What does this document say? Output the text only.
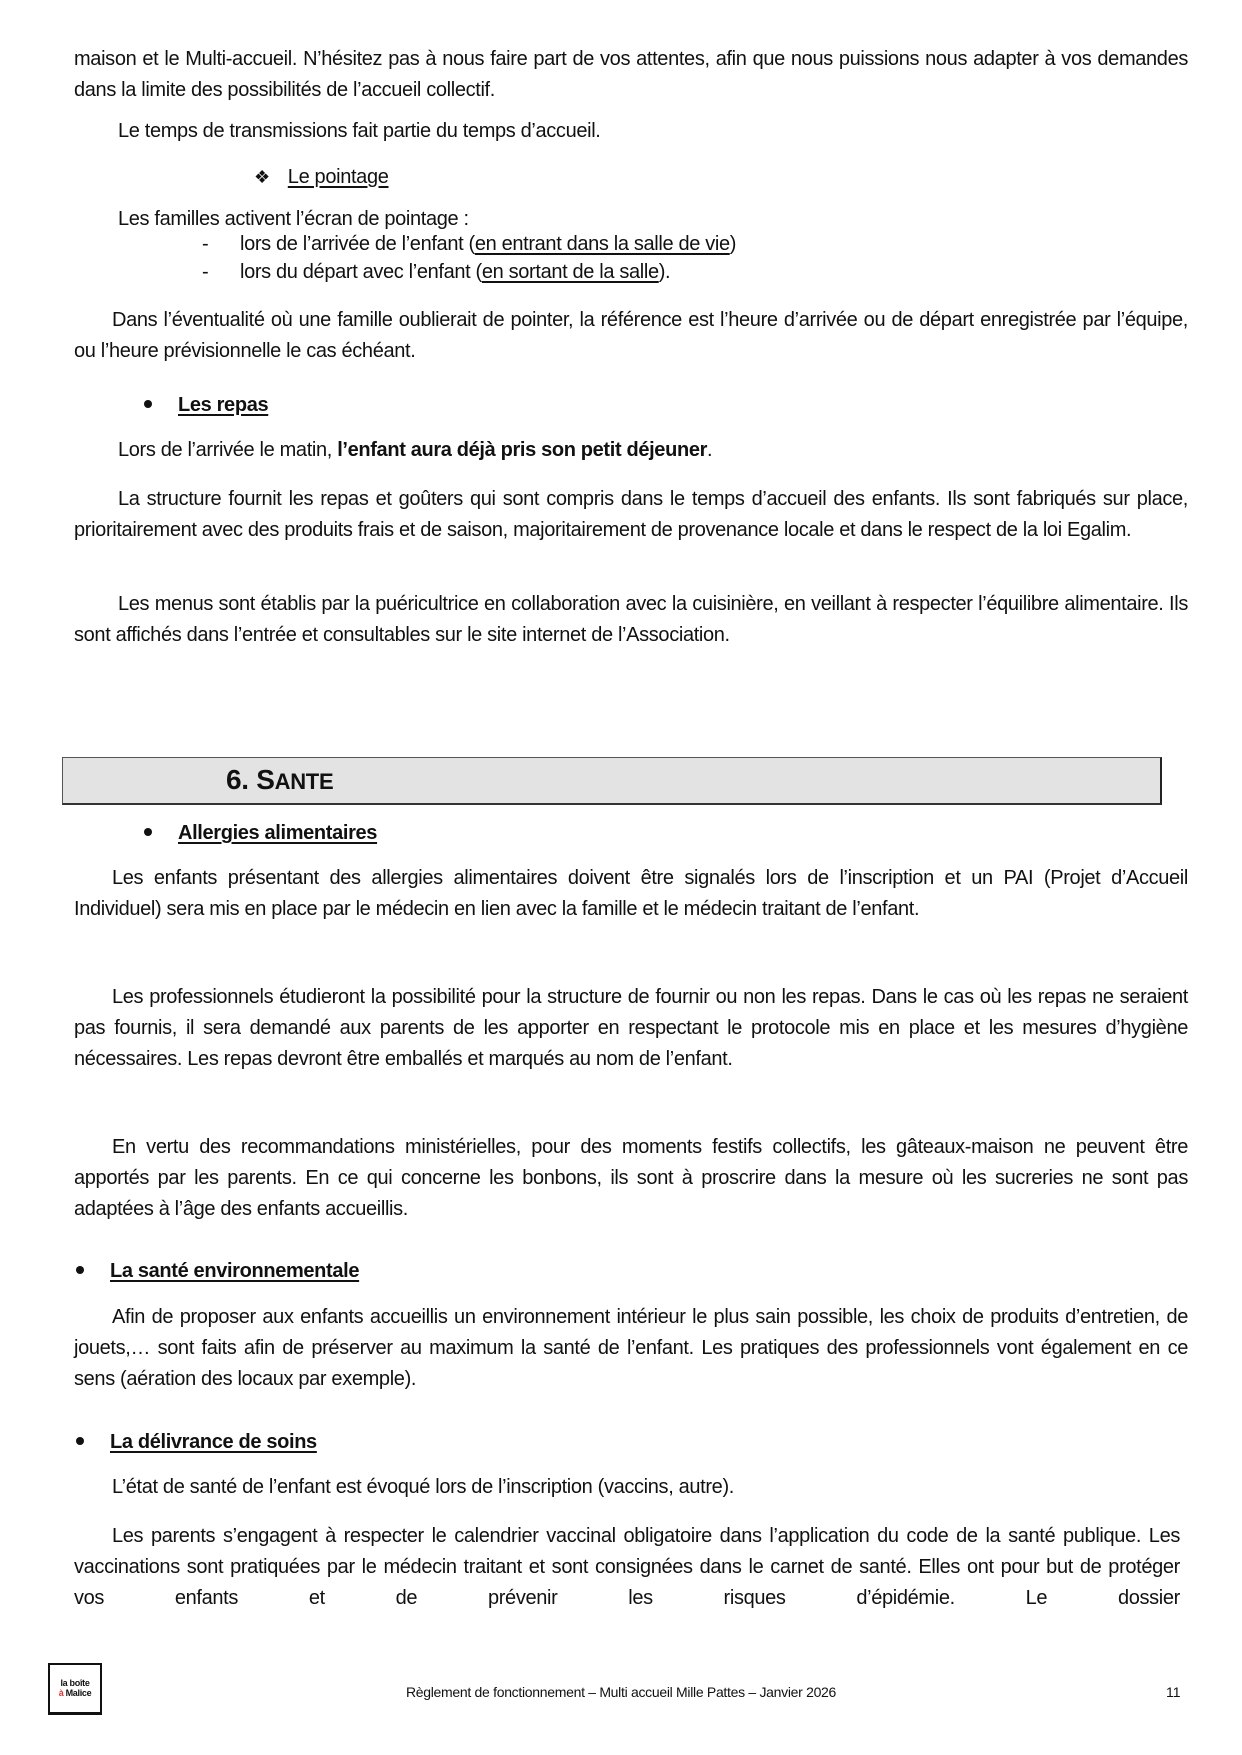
maison et le Multi-accueil. N’hésitez pas à nous faire part de vos attentes, afin que nous puissions nous adapter à vos demandes dans la limite des possibilités de l’accueil collectif.

Le temps de transmissions fait partie du temps d’accueil.
❖ Le pointage
Les familles activent l’écran de pointage :
- lors de l’arrivée de l’enfant (en entrant dans la salle de vie)
- lors du départ avec l’enfant (en sortant de la salle).

Dans l’éventualité où une famille oublierait de pointer, la référence est l’heure d’arrivée ou de départ enregistrée par l’équipe, ou l’heure prévisionnelle le cas échéant.

Les repas
Lors de l’arrivée le matin, l’enfant aura déjà pris son petit déjeuner.

La structure fournit les repas et goûters qui sont compris dans le temps d’accueil des enfants. Ils sont fabriqués sur place, prioritairement avec des produits frais et de saison, majoritairement de provenance locale et dans le respect de la loi Egalim.

Les menus sont établis par la puéricultrice en collaboration avec la cuisinière, en veillant à respecter l’équilibre alimentaire. Ils sont affichés dans l’entrée et consultables sur le site internet de l’Association.

6. SANTE
Allergies alimentaires

Les enfants présentant des allergies alimentaires doivent être signalés lors de l’inscription et un PAI (Projet d’Accueil Individuel) sera mis en place par le médecin en lien avec la famille et le médecin traitant de l’enfant.

Les professionnels étudieront la possibilité pour la structure de fournir ou non les repas. Dans le cas où les repas ne seraient pas fournis, il sera demandé aux parents de les apporter en respectant le protocole mis en place et les mesures d’hygiène nécessaires. Les repas devront être emballés et marqués au nom de l’enfant.

En vertu des recommandations ministérielles, pour des moments festifs collectifs, les gâteaux-maison ne peuvent être apportés par les parents. En ce qui concerne les bonbons, ils sont à proscrire dans la mesure où les sucreries ne sont pas adaptées à l’âge des enfants accueillis.

La santé environnementale

Afin de proposer aux enfants accueillis un environnement intérieur le plus sain possible, les choix de produits d’entretien, de jouets,… sont faits afin de préserver au maximum la santé de l’enfant. Les pratiques des professionnels vont également en ce sens (aération des locaux par exemple).

La délivrance de soins
L’état de santé de l’enfant est évoqué lors de l’inscription (vaccins, autre).

Les parents s’engagent à respecter le calendrier vaccinal obligatoire dans l’application du code de la santé publique. Les vaccinations sont pratiquées par le médecin traitant et sont consignées dans le carnet de santé. Elles ont pour but de protéger vos enfants et de prévenir les risques d’épidémie. Le dossier

la boîte
à Malice	Règlement de fonctionnement – Multi accueil Mille Pattes – Janvier 2026	11
